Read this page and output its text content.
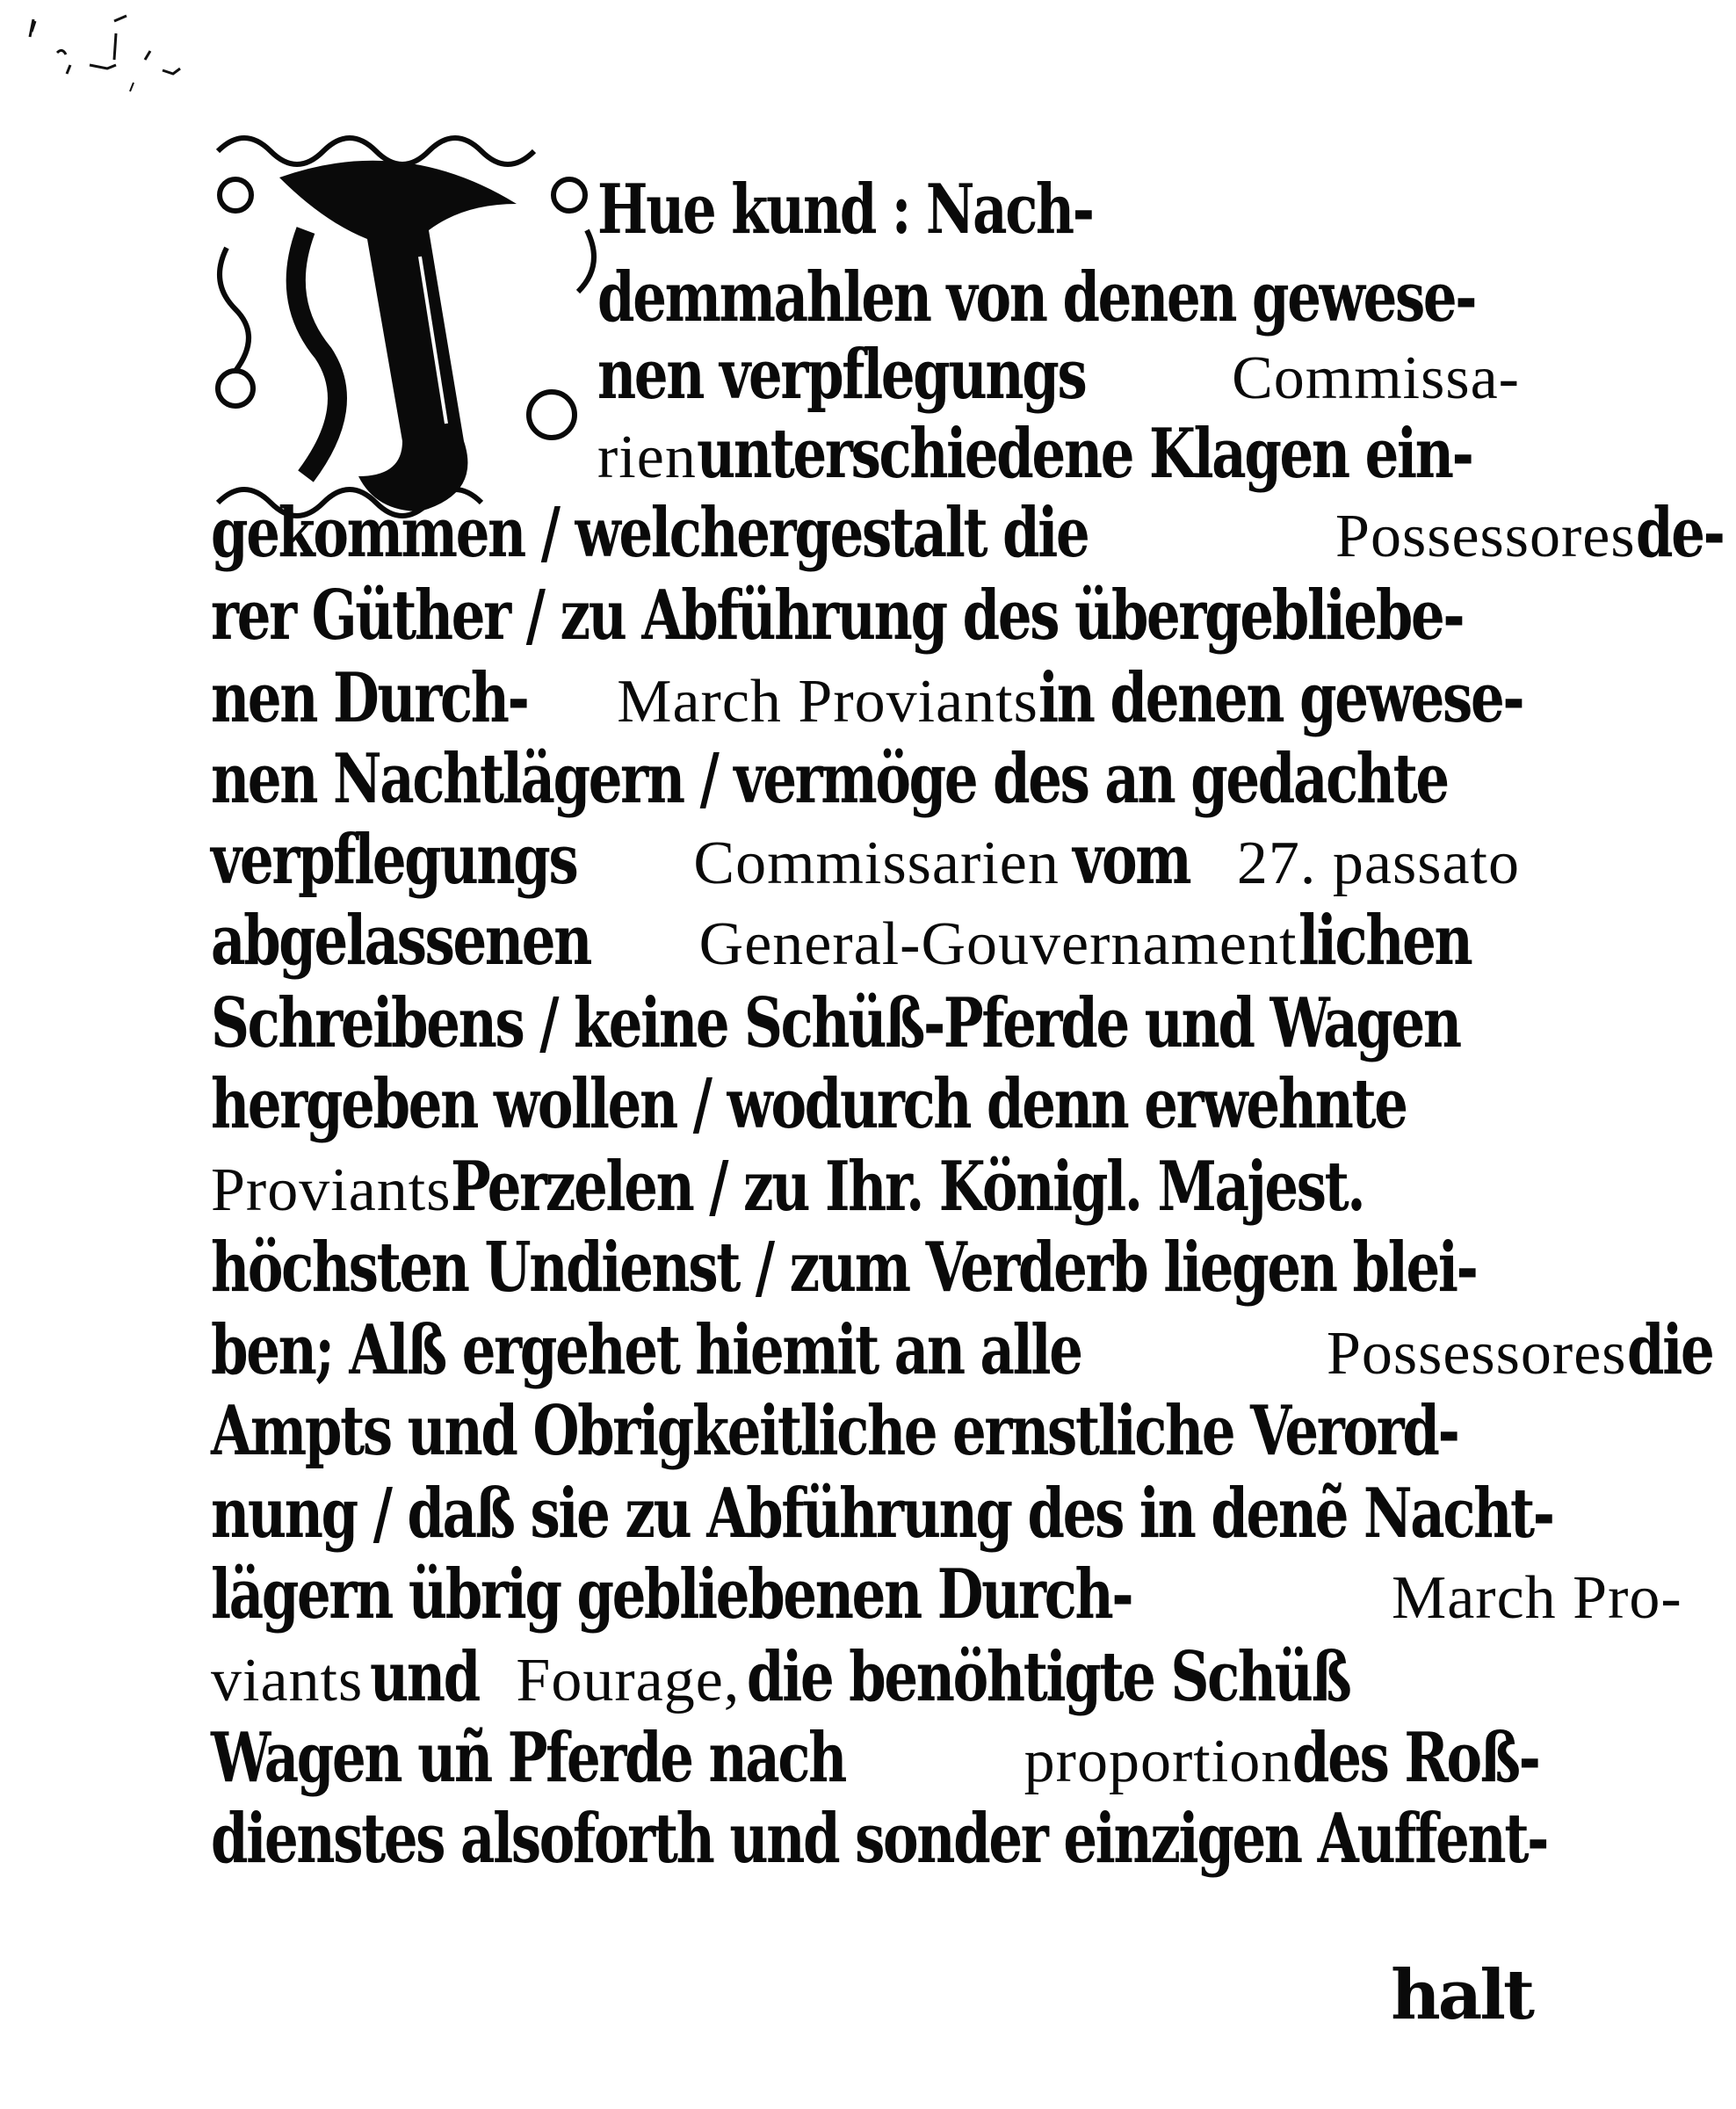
Hue kund : Nach-
demmahlen von denen gewese-
nen verpflegungs Commissa-
rien unterschiedene Klagen ein-
gekommen / welchergestalt die	Possessores de-
rer Güther / zu Abführung des übergebliebe-
nen Durch- March Proviants in denen gewese-
nen Nachtlägern / vermöge des an gedachte
verpflegungs Commissarien vom 27. passato
abgelassenen General-Gouvernament lichen
Schreibens / keine Schüß-Pferde und Wagen
hergeben wollen / wodurch denn erwehnte
Proviants Perzelen / zu Ihr. Königl. Majest.
höchsten Undienst / zum Verderb liegen blei-
ben; Alß ergehet hiemit an alle	Possessores die
Ampts und Obrigkeitliche ernstliche Verord-
nung / daß sie zu Abführung des in denẽ Nacht-
lägern übrig gebliebenen Durch-	March Pro-
viants und Fourage, die benöhtigte Schüß
Wagen uñ Pferde nach	proportion des Roß-
dienstes alsoforth und sonder einzigen Auffent-
halt
